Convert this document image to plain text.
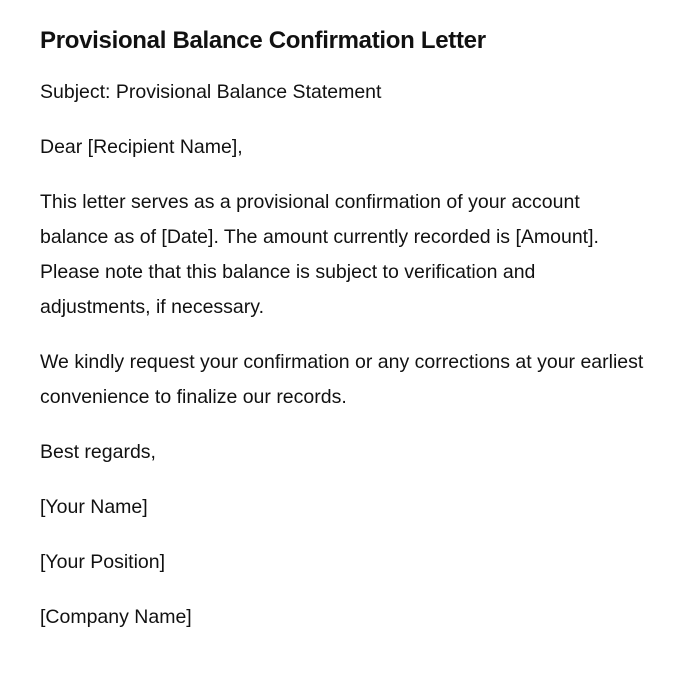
Provisional Balance Confirmation Letter

Subject: Provisional Balance Statement

Dear [Recipient Name],

This letter serves as a provisional confirmation of your account balance as of [Date]. The amount currently recorded is [Amount]. Please note that this balance is subject to verification and adjustments, if necessary.

We kindly request your confirmation or any corrections at your earliest convenience to finalize our records.

Best regards,

[Your Name]

[Your Position]

[Company Name]
